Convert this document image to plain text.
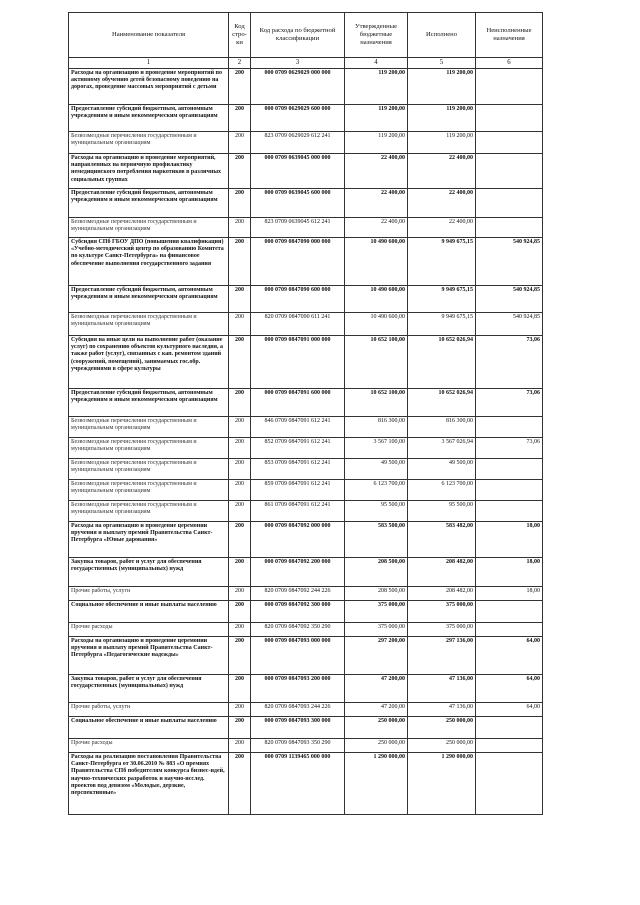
Наименование показателя	Код стро-ки	Код расхода по бюджетной классификации	Утвержденные бюджетные назначения	Исполнено	Неисполненные назначения
1	2	3	4	5	6
Расходы на организацию и проведение мероприятий по активному обучению детей безопасному поведению на дорогах, проведение массовых мероприятий с детьми	200	000 0709 0629029 000 000	119 200,00	119 200,00	
Предоставление субсидий бюджетным, автономным учреждениям и иным некоммерческим организациям	200	000 0709 0629029 600 000	119 200,00	119 200,00	
Безвозмездные перечисления государственным и муниципальным организациям	200	823 0709 0629029 612 241	119 200,00	119 200,00	
Расходы на организацию и проведение мероприятий, направленных на первичную профилактику немедицинского потребления наркотиков в различных социальных группах	200	000 0709 0639045 000 000	22 400,00	22 400,00	
Предоставление субсидий бюджетным, автономным учреждениям и иным некоммерческим организациям	200	000 0709 0639045 600 000	22 400,00	22 400,00	
Безвозмездные перечисления государственным и муниципальным организациям	200	823 0709 0639045 612 241	22 400,00	22 400,00	
Субсидия СПб ГБОУ ДПО (повышения квалификации) «Учебно-методический центр по образованию Комитета по культуре Санкт-Петербурга» на финансовое обеспечение выполнения государственного задания	200	000 0709 0847090 000 000	10 490 600,00	9 949 675,15	540 924,85
Предоставление субсидий бюджетным, автономным учреждениям и иным некоммерческим организациям	200	000 0709 0847090 600 000	10 490 600,00	9 949 675,15	540 924,85
Безвозмездные перечисления государственным и муниципальным организациям	200	820 0709 0847090 611 241	10 490 600,00	9 949 675,15	540 924,85
Субсидия на иные цели на выполнение работ (оказание услуг) по сохранению объектов культурного наследия, а также работ (услуг), связанных с кап. ремонтом зданий (сооружений, помещений), занимаемых гос.обр. учреждениями в сфере культуры	200	000 0709 0847091 000 000	10 652 100,00	10 652 026,94	73,06
Предоставление субсидий бюджетным, автономным учреждениям и иным некоммерческим организациям	200	000 0709 0847091 600 000	10 652 100,00	10 652 026,94	73,06
Безвозмездные перечисления государственным и муниципальным организациям	200	846 0709 0847091 612 241	816 300,00	816 300,00	
Безвозмездные перечисления государственным и муниципальным организациям	200	852 0709 0847091 612 241	3 567 100,00	3 567 026,94	73,06
Безвозмездные перечисления государственным и муниципальным организациям	200	853 0709 0847091 612 241	49 500,00	49 500,00	
Безвозмездные перечисления государственным и муниципальным организациям	200	859 0709 0847091 612 241	6 123 700,00	6 123 700,00	
Безвозмездные перечисления государственным и муниципальным организациям	200	861 0709 0847091 612 241	95 500,00	95 500,00	
Расходы на организацию и проведение церемонии вручения и выплату премий Правительства Санкт-Петербурга «Юные дарования»	200	000 0709 0847092 000 000	583 500,00	583 482,00	18,00
Закупка товаров, работ и услуг для обеспечения государственных (муниципальных) нужд	200	000 0709 0847092 200 000	208 500,00	208 482,00	18,00
Прочие работы, услуги	200	820 0709 0847092 244 226	208 500,00	208 482,00	18,00
Социальное обеспечение и иные выплаты населению	200	000 0709 0847092 300 000	375 000,00	375 000,00	
Прочие расходы	200	820 0709 0847092 350 290	375 000,00	375 000,00	
Расходы на организацию и проведение церемонии вручения и выплату премий Правительства Санкт-Петербурга «Педагогические надежды»	200	000 0709 0847093 000 000	297 200,00	297 136,00	64,00
Закупка товаров, работ и услуг для обеспечения государственных (муниципальных) нужд	200	000 0709 0847093 200 000	47 200,00	47 136,00	64,00
Прочие работы, услуги	200	820 0709 0847093 244 226	47 200,00	47 136,00	64,00
Социальное обеспечение и иные выплаты населению	200	000 0709 0847093 300 000	250 000,00	250 000,00	
Прочие расходы	200	820 0709 0847093 350 290	250 000,00	250 000,00	
Расходы на реализацию постановления Правительства Санкт-Петербурга от 30.06.2010 № 883 «О премиях Правительства СПб победителям конкурса бизнес-идей, научно-технических разработок и научно-исслед. проектов под девизом «Молодые, дерзкие, перспективные»	200	000 0709 1139465 000 000	1 290 000,00	1 290 000,00	
